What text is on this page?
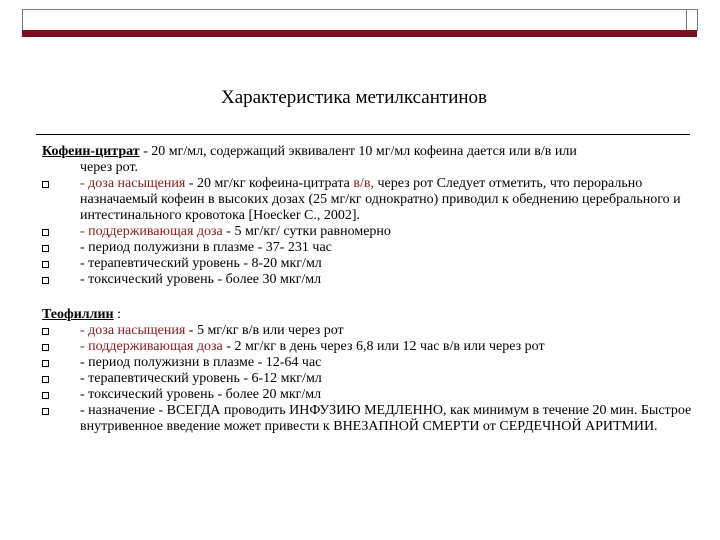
Характеристика метилксантинов
Кофеин-цитрат - 20 мг/мл, содержащий эквивалент 10 мг/мл кофеина дается или в/в или
через рот.
- доза насыщения - 20 мг/кг кофеина-цитрата в/в, через рот Следует отметить, что перорально назначаемый кофеин в высоких дозах (25 мг/кг однократно) приводил к обеднению церебрального и интестинального кровотока [Hoecker C., 2002].
- поддерживающая доза - 5 мг/кг/ сутки равномерно
- период полужизни в плазме - 37- 231 час
- терапевтический уровень - 8-20 мкг/мл
- токсический уровень - более 30 мкг/мл
Теофиллин :
- доза насыщения - 5 мг/кг в/в или через рот
- поддерживающая доза - 2 мг/кг в день через 6,8 или 12 час в/в или через рот
- период полужизни в плазме - 12-64 час
- терапевтический уровень - 6-12 мкг/мл
- токсический уровень - более 20 мкг/мл
- назначение - ВСЕГДА проводить ИНФУЗИЮ МЕДЛЕННО, как минимум в течение 20 мин. Быстрое внутривенное введение может привести к ВНЕЗАПНОЙ СМЕРТИ от СЕРДЕЧНОЙ АРИТМИИ.
